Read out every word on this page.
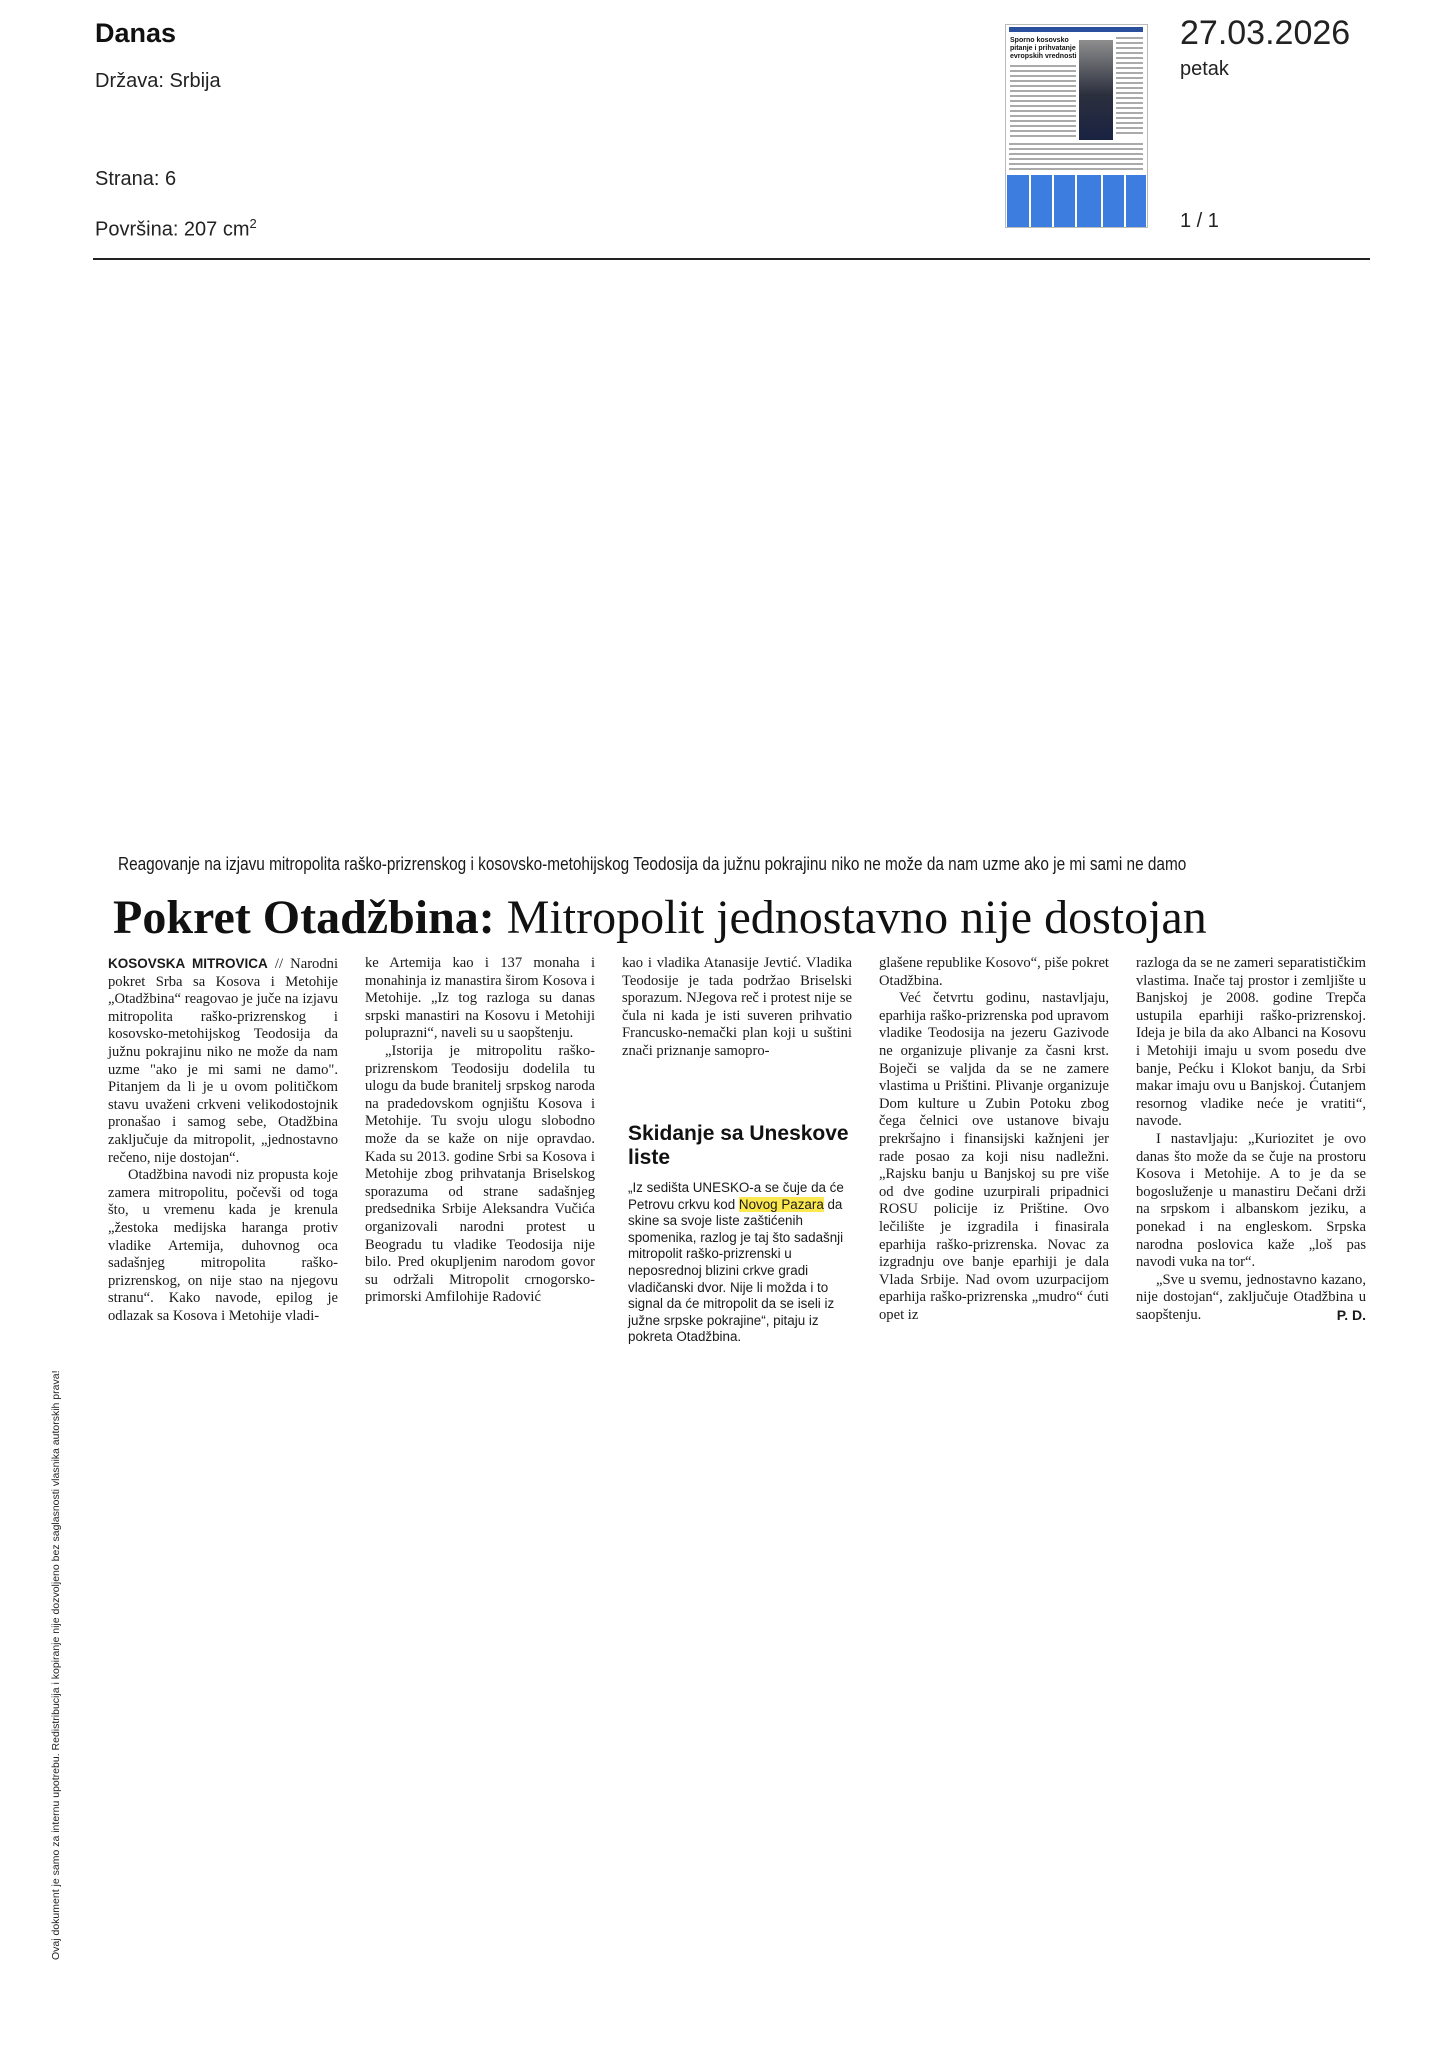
Danas
Država: Srbija
Strana: 6
Površina: 207 $cm^2$
Sporno kosovsko pitanje i prihvatanje evropskih vrednosti
27.03.2026
petak
1 / 1
Ovaj dokument je samo za internu upotrebu. Redistribucija i kopiranje nije dozvoljeno bez saglasnosti vlasnika autorskih prava!
Reagovanje na izjavu mitropolita raško-prizrenskog i kosovsko-metohijskog Teodosija da južnu pokrajinu niko ne može da nam uzme ako je mi sami ne damo
Pokret Otadžbina: Mitropolit jednostavno nije dostojan

KOSOVSKA MITROVICA // Narodni pokret Srba sa Kosova i Metohije „Otadžbina“ reagovao je juče na izjavu mitropolita raško-prizrenskog i kosovsko-metohijskog Teodosija da južnu pokrajinu niko ne može da nam uzme "ako je mi sami ne damo". Pitanjem da li je u ovom političkom stavu uvaženi crkveni velikodostojnik pronašao i samog sebe, Otadžbina zaključuje da mitropolit, „jednostavno rečeno, nije dostojan“.

Otadžbina navodi niz propusta koje zamera mitropolitu, počevši od toga što, u vremenu kada je krenula „žestoka medijska haranga protiv vladike Artemija, duhovnog oca sadašnjeg mitropolita raško-prizrenskog, on nije stao na njegovu stranu“. Kako navode, epilog je odlazak sa Kosova i Metohije vladi-

ke Artemija kao i 137 monaha i monahinja iz manastira širom Kosova i Metohije. „Iz tog razloga su danas srpski manastiri na Kosovu i Metohiji poluprazni“, naveli su u saopštenju.

„Istorija je mitropolitu raško-prizrenskom Teodosiju dodelila tu ulogu da bude branitelj srpskog naroda na pradedovskom ognjištu Kosova i Metohije. Tu svoju ulogu slobodno može da se kaže on nije opravdao. Kada su 2013. godine Srbi sa Kosova i Metohije zbog prihvatanja Briselskog sporazuma od strane sadašnjeg predsednika Srbije Aleksandra Vučića organizovali narodni protest u Beogradu tu vladike Teodosija nije bilo. Pred okupljenim narodom govor su održali Mitropolit crnogorsko-primorski Amfilohije Radović

kao i vladika Atanasije Jevtić. Vladika Teodosije je tada podržao Briselski sporazum. NJegova reč i protest nije se čula ni kada je isti suveren prihvatio Francusko-nemački plan koji u suštini znači priznanje samopro-

Skidanje sa Uneskove liste
„Iz sedišta UNESKO-a se čuje da će Petrovu crkvu kod Novog Pazara da skine sa svoje liste zaštićenih spomenika, razlog je taj što sadašnji mitropolit raško-prizrenski u neposrednoj blizini crkve gradi vladičanski dvor. Nije li možda i to signal da će mitropolit da se iseli iz južne srpske pokrajine“, pitaju iz pokreta Otadžbina.

glašene republike Kosovo“, piše pokret Otadžbina.

Već četvrtu godinu, nastavljaju, eparhija raško-prizrenska pod upravom vladike Teodosija na jezeru Gazivode ne organizuje plivanje za časni krst. Boječi se valjda da se ne zamere vlastima u Prištini. Plivanje organizuje Dom kulture u Zubin Potoku zbog čega čelnici ove ustanove bivaju prekršajno i finansijski kažnjeni jer rade posao za koji nisu nadležni. „Rajsku banju u Banjskoj su pre više od dve godine uzurpirali pripadnici ROSU policije iz Prištine. Ovo lečilište je izgradila i finasirala eparhija raško-prizrenska. Novac za izgradnju ove banje eparhiji je dala Vlada Srbije. Nad ovom uzurpacijom eparhija raško-prizrenska „mudro“ ćuti opet iz

razloga da se ne zameri separatističkim vlastima. Inače taj prostor i zemljište u Banjskoj je 2008. godine Trepča ustupila eparhiji raško-prizrenskoj. Ideja je bila da ako Albanci na Kosovu i Metohiji imaju u svom posedu dve banje, Pećku i Klokot banju, da Srbi makar imaju ovu u Banjskoj. Ćutanjem resornog vladike neće je vratiti“, navode.

I nastavljaju: „Kuriozitet je ovo danas što može da se čuje na prostoru Kosova i Metohije. A to je da se bogosluženje u manastiru Dečani drži na srpskom i albanskom jeziku, a ponekad i na engleskom. Srpska narodna poslovica kaže „loš pas navodi vuka na tor“.

„Sve u svemu, jednostavno kazano, nije dostojan“, zaključuje Otadžbina u saopštenju.	P. D.
